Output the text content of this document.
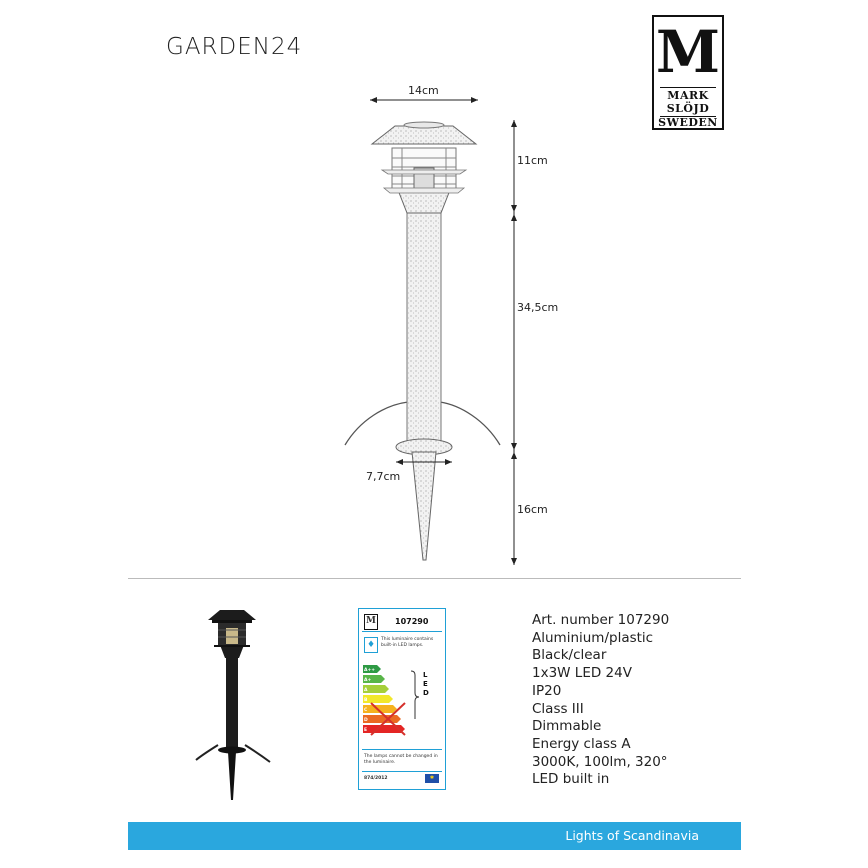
GARDEN24	M
MARK
SLÖJD
SWEDEN
14cm
11cm
34,5cm
7,7cm
16cm
M 107290
♦
This luminaire contains built-in LED lamps.
A++
A+
A
B
C
D
E
L
E
D
The lamps cannot be changed in the luminaire.
874/2012	✱
Art. number 107290
Aluminium/plastic
Black/clear
1x3W LED 24V
IP20
Class III
Dimmable
Energy class A
3000K, 100lm, 320°
LED built in
Lights of Scandinavia
